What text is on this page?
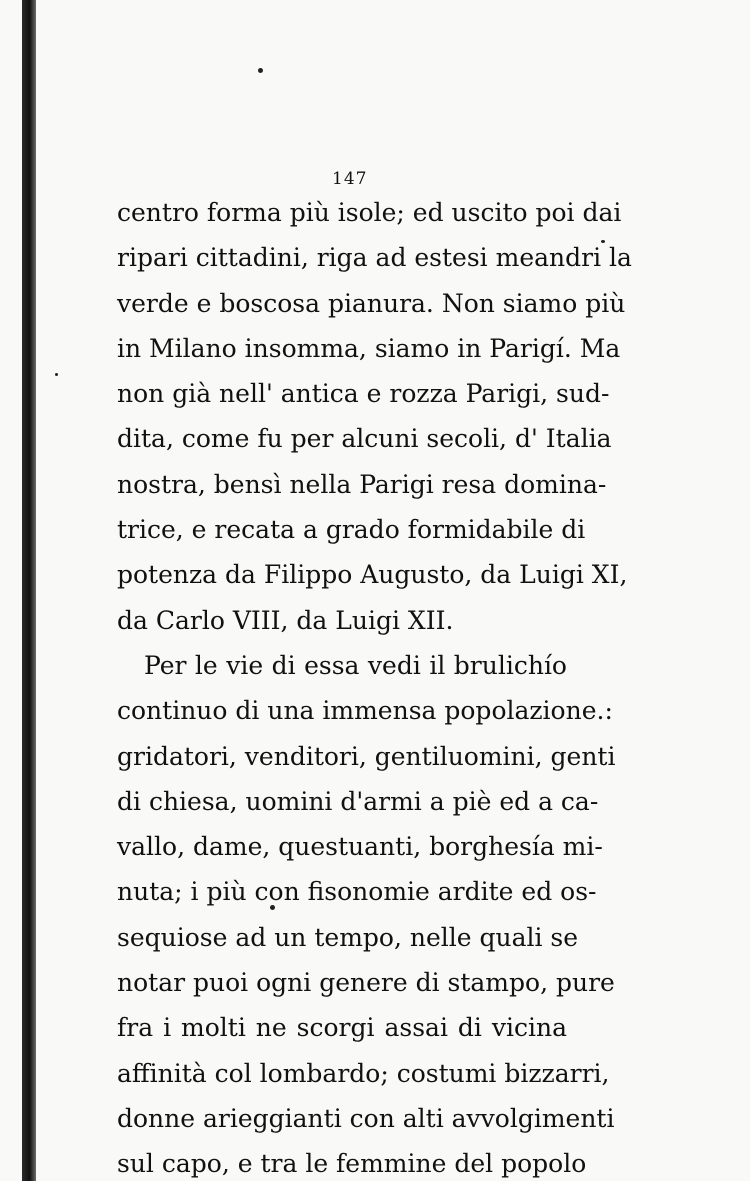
147
centro forma più isole; ed uscito poi dai
ripari cittadini, riga ad estesi meandri la
verde e boscosa pianura. Non siamo più
in Milano insomma, siamo in Parigí. Ma
non già nell' antica e rozza Parigi, sud-
dita, come fu per alcuni secoli, d' Italia
nostra, bensì nella Parigi resa domina-
trice, e recata a grado formidabile di
potenza da Filippo Augusto, da Luigi XI,
da Carlo VIII, da Luigi XII.
Per le vie di essa vedi il brulichío
continuo di una immensa popolazione.:
gridatori, venditori, gentiluomini, genti
di chiesa, uomini d'armi a piè ed a ca-
vallo, dame, questuanti, borghesía mi-
nuta; i più con fisonomie ardite ed os-
sequiose ad un tempo, nelle quali se
notar puoi ogni genere di stampo, pure
fra i molti ne scorgi assai di vicina
affinità col lombardo; costumi bizzarri,
donne arieggianti con alti avvolgimenti
sul capo, e tra le femmine del popolo
